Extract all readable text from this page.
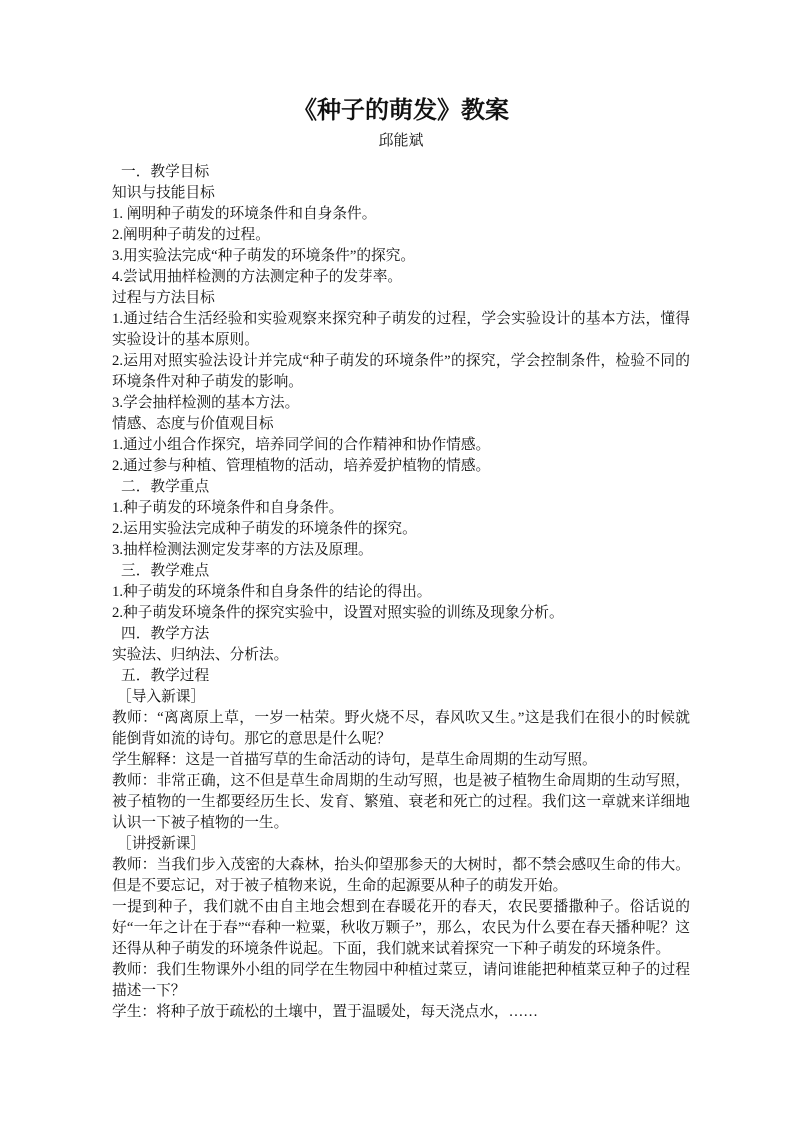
《种子的萌发》教案
邱能斌
一．教学目标
知识与技能目标
1. 阐明种子萌发的环境条件和自身条件。
2.阐明种子萌发的过程。
3.用实验法完成“种子萌发的环境条件”的探究。
4.尝试用抽样检测的方法测定种子的发芽率。
过程与方法目标
1.通过结合生活经验和实验观察来探究种子萌发的过程，学会实验设计的基本方法，懂得实验设计的基本原则。
2.运用对照实验法设计并完成“种子萌发的环境条件”的探究，学会控制条件，检验不同的环境条件对种子萌发的影响。
3.学会抽样检测的基本方法。
情感、态度与价值观目标
1.通过小组合作探究，培养同学间的合作精神和协作情感。
2.通过参与种植、管理植物的活动，培养爱护植物的情感。
二．教学重点
1.种子萌发的环境条件和自身条件。
2.运用实验法完成种子萌发的环境条件的探究。
3.抽样检测法测定发芽率的方法及原理。
三．教学难点
1.种子萌发的环境条件和自身条件的结论的得出。
2.种子萌发环境条件的探究实验中，设置对照实验的训练及现象分析。
四．教学方法
实验法、归纳法、分析法。
五．教学过程
［导入新课］
教师：“离离原上草，一岁一枯荣。野火烧不尽，春风吹又生。”这是我们在很小的时候就能倒背如流的诗句。那它的意思是什么呢？
学生解释：这是一首描写草的生命活动的诗句，是草生命周期的生动写照。
教师：非常正确，这不但是草生命周期的生动写照，也是被子植物生命周期的生动写照，被子植物的一生都要经历生长、发育、繁殖、衰老和死亡的过程。我们这一章就来详细地认识一下被子植物的一生。
［讲授新课］
教师：当我们步入茂密的大森林，抬头仰望那参天的大树时，都不禁会感叹生命的伟大。但是不要忘记，对于被子植物来说，生命的起源要从种子的萌发开始。
一提到种子，我们就不由自主地会想到在春暖花开的春天，农民要播撒种子。俗话说的好“一年之计在于春”“春种一粒粟，秋收万颗子”，那么，农民为什么要在春天播种呢？这还得从种子萌发的环境条件说起。下面，我们就来试着探究一下种子萌发的环境条件。
教师：我们生物课外小组的同学在生物园中种植过菜豆，请问谁能把种植菜豆种子的过程描述一下？
学生：将种子放于疏松的土壤中，置于温暖处，每天浇点水，……
